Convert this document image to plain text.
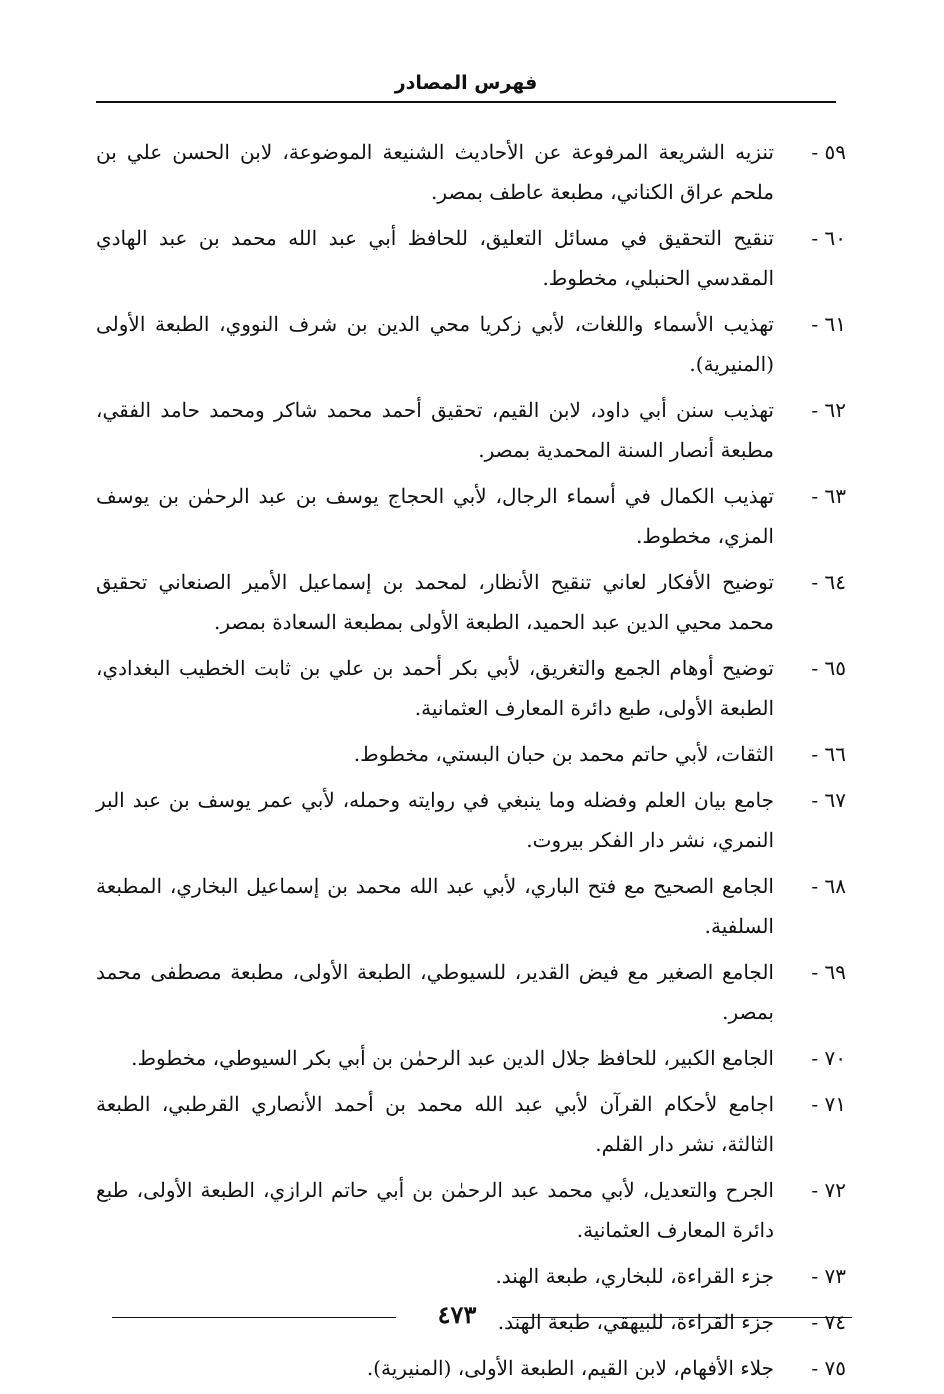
فهرس المصادر
٥٩ -
تنزيه الشريعة المرفوعة عن الأحاديث الشنيعة الموضوعة، لابن الحسن علي بن ملحم عراق الكناني، مطبعة عاطف بمصر.
٦٠ -
تنقيح التحقيق في مسائل التعليق، للحافظ أبي عبد الله محمد بن عبد الهادي المقدسي الحنبلي، مخطوط.
٦١ -
تهذيب الأسماء واللغات، لأبي زكريا محي الدين بن شرف النووي، الطبعة الأولى (المنيرية).
٦٢ -
تهذيب سنن أبي داود، لابن القيم، تحقيق أحمد محمد شاكر ومحمد حامد الفقي، مطبعة أنصار السنة المحمدية بمصر.
٦٣ -
تهذيب الكمال في أسماء الرجال، لأبي الحجاج يوسف بن عبد الرحمٰن بن يوسف المزي، مخطوط.
٦٤ -
توضيح الأفكار لعاني تنقيح الأنظار، لمحمد بن إسماعيل الأمير الصنعاني تحقيق محمد محيي الدين عبد الحميد، الطبعة الأولى بمطبعة السعادة بمصر.
٦٥ -
توضيح أوهام الجمع والتغريق، لأبي بكر أحمد بن علي بن ثابت الخطيب البغدادي، الطبعة الأولى، طبع دائرة المعارف العثمانية.
٦٦ -
الثقات، لأبي حاتم محمد بن حبان البستي، مخطوط.
٦٧ -
جامع بيان العلم وفضله وما ينبغي في روايته وحمله، لأبي عمر يوسف بن عبد البر النمري، نشر دار الفكر بيروت.
٦٨ -
الجامع الصحيح مع فتح الباري، لأبي عبد الله محمد بن إسماعيل البخاري، المطبعة السلفية.
٦٩ -
الجامع الصغير مع فيض القدير، للسيوطي، الطبعة الأولى، مطبعة مصطفى محمد بمصر.
٧٠ -
الجامع الكبير، للحافظ جلال الدين عبد الرحمٰن بن أبي بكر السيوطي، مخطوط.
٧١ -
اجامع لأحكام القرآن لأبي عبد الله محمد بن أحمد الأنصاري القرطبي، الطبعة الثالثة، نشر دار القلم.
٧٢ -
الجرح والتعديل، لأبي محمد عبد الرحمٰن بن أبي حاتم الرازي، الطبعة الأولى، طبع دائرة المعارف العثمانية.
٧٣ -
جزء القراءة، للبخاري، طبعة الهند.
٧٤ -
جزء القراءة، للبيهقي، طبعة الهند.
٧٥ -
جلاء الأفهام، لابن القيم، الطبعة الأولى، (المنيرية).
٤٧٣
